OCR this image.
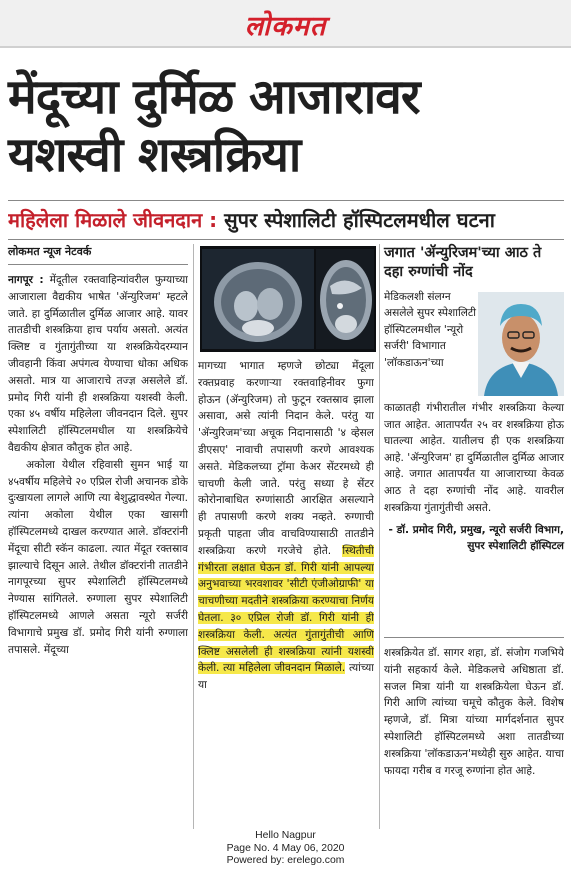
लोकमत
मेंदूच्या दुर्मिळ आजारावर
यशस्वी शस्त्रक्रिया
महिलेला मिळाले जीवनदान : सुपर स्पेशालिटी हॉस्पिटलमधील घटना
लोकमत न्यूज नेटवर्क

नागपूर : मेंदूतील रक्तवाहिन्यांवरील फुग्याच्या आजाराला वैद्यकीय भाषेत 'ॲन्युरिजम' म्हटले जाते. हा दुर्मिळातील दुर्मिळ आजार आहे. यावर तातडीची शस्त्रक्रिया हाच पर्याय असतो. अत्यंत क्लिष्ट व गुंतागुंतीच्या या शस्त्रक्रियेदरम्यान जीवहानी किंवा अपंगत्व येण्याचा धोका अधिक असतो. मात्र या आजाराचे तज्ज्ञ असलेले डॉ. प्रमोद गिरी यांनी ही शस्त्रक्रिया यशस्वी केली. एका ४५ वर्षीय महिलेला जीवनदान दिले. सुपर स्पेशालिटी हॉस्पिटलमधील या शस्त्रक्रियेचे वैद्यकीय क्षेत्रात कौतुक होत आहे.

अकोला येथील रहिवासी सुमन भाई या ४५वर्षीय महिलेचे २० एप्रिल रोजी अचानक डोके दुःखायला लागले आणि त्या बेशुद्धावस्थेत गेल्या. त्यांना अकोला येथील एका खासगी हॉस्पिटलमध्ये दाखल करण्यात आले. डॉक्टरांनी मेंदूचा सीटी स्कॅन काढला. त्यात मेंदूत रक्तस्राव झाल्याचे दिसून आले. तेथील डॉक्टरांनी तातडीने नागपूरच्या सुपर स्पेशालिटी हॉस्पिटलमध्ये नेण्यास सांगितले. रुग्णाला सुपर स्पेशालिटी हॉस्पिटलमध्ये आणले असता न्यूरो सर्जरी विभागाचे प्रमुख डॉ. प्रमोद गिरी यांनी रुग्णाला तपासले. मेंदूच्या

मागच्या भागात म्हणजे छोट्या मेंदूला रक्तप्रवाह करणाऱ्या रक्तवाहिनीवर फुगा होऊन (ॲन्युरिजम) तो फुटून रक्तस्राव झाला असावा, असे त्यांनी निदान केले. परंतु या 'ॲन्युरिजम'च्या अचूक निदानासाठी '४ व्हेसल डीएसए' नावाची तपासणी करणे आवश्यक असते. मेडिकलच्या ट्रॉमा केअर सेंटरमध्ये ही चाचणी केली जाते. परंतु सध्या हे सेंटर कोरोनाबाधित रुग्णांसाठी आरक्षित असल्याने ही तपासणी करणे शक्य नव्हते. रुग्णाची प्रकृती पाहता जीव वाचविण्यासाठी तातडीने शस्त्रक्रिया करणे गरजेचे होते. स्थितीची गंभीरता लक्षात घेऊन डॉ. गिरी यांनी आपल्या अनुभवाच्या भरवशावर 'सीटी एंजीओग्राफी' या चाचणीच्या मदतीने शस्त्रक्रिया करण्याचा निर्णय घेतला. ३० एप्रिल रोजी डॉ. गिरी यांनी ही शस्त्रक्रिया केली. अत्यंत गुंतागुंतीची आणि क्लिष्ट असलेली ही शस्त्रक्रिया त्यांनी यशस्वी केली. त्या महिलेला जीवनदान मिळाले. त्यांच्या या

जगात 'ॲन्युरिजम'च्या आठ ते दहा रुग्णांची नोंद
मेडिकलशी संलग्न असलेले सुपर स्पेशालिटी हॉस्पिटलमधील 'न्यूरो सर्जरी' विभागात 'लॉकडाऊन'च्या
काळातही गंभीरातील गंभीर शस्त्रक्रिया केल्या जात आहेत. आतापर्यंत २५ वर शस्त्रक्रिया होऊ घातल्या आहेत. यातीलच ही एक शस्त्रक्रिया आहे. 'ॲन्युरिजम' हा दुर्मिळातील दुर्मिळ आजार आहे. जगात आतापर्यंत या आजाराच्या केवळ आठ ते दहा रुग्णांची नोंद आहे. यावरील शस्त्रक्रिया गुंतागुंतीची असते.
- डॉ. प्रमोद गिरी, प्रमुख, न्यूरो सर्जरी विभाग, सुपर स्पेशालिटी हॉस्पिटल

शस्त्रक्रियेत डॉ. सागर शहा, डॉ. संजोग गजभिये यांनी सहकार्य केले. मेडिकलचे अधिष्ठाता डॉ. सजल मित्रा यांनी या शस्त्रक्रियेला घेऊन डॉ. गिरी आणि त्यांच्या चमूचे कौतुक केले. विशेष म्हणजे, डॉ. मित्रा यांच्या मार्गदर्शनात सुपर स्पेशालिटी हॉस्पिटलमध्ये अशा तातडीच्या शस्त्रक्रिया 'लॉकडाऊन'मध्येही सुरु आहेत. याचा फायदा गरीब व गरजू रुग्णांना होत आहे.

Hello Nagpur
Page No. 4 May 06, 2020
Powered by: erelego.com
